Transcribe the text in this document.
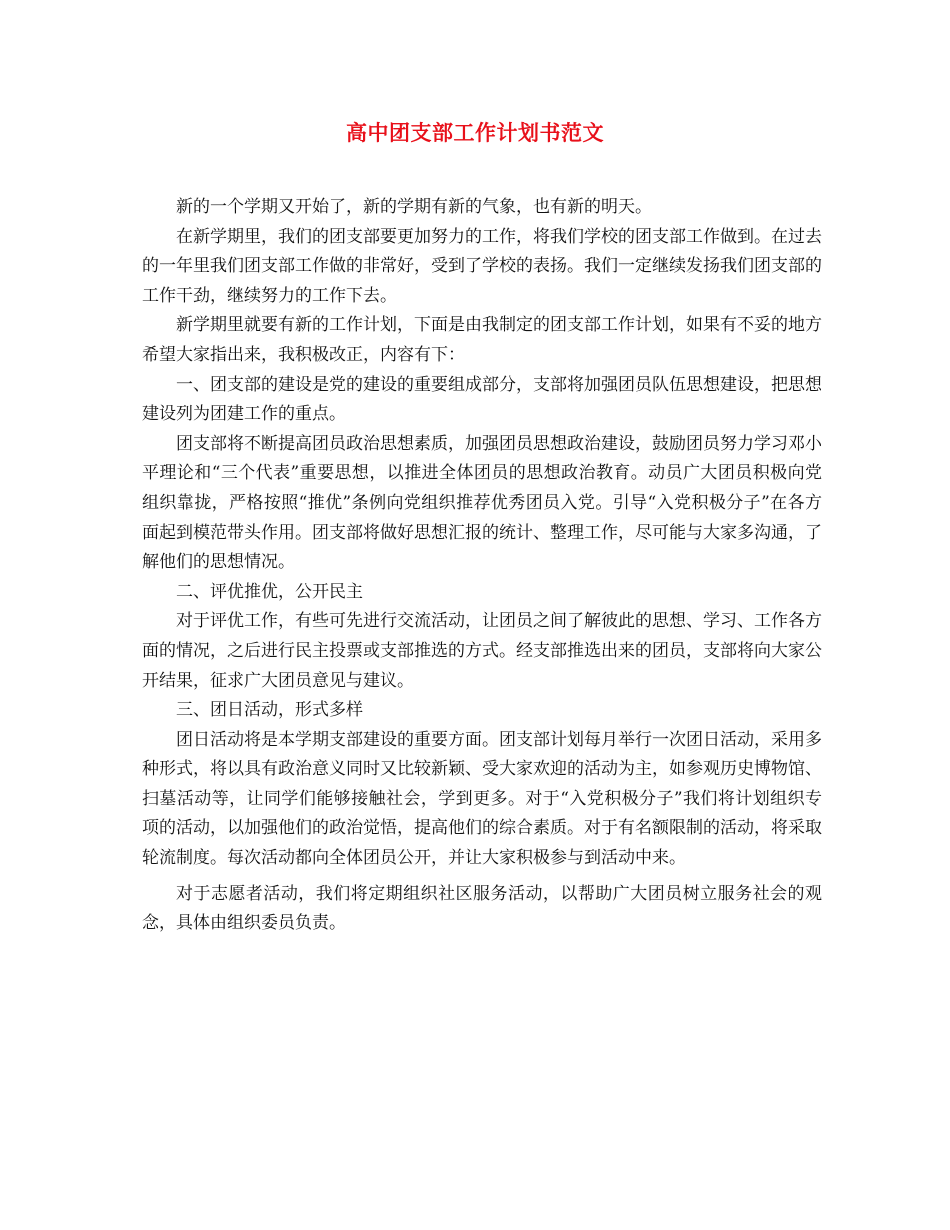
高中团支部工作计划书范文

新的一个学期又开始了，新的学期有新的气象，也有新的明天。

在新学期里，我们的团支部要更加努力的工作，将我们学校的团支部工作做到。在过去的一年里我们团支部工作做的非常好，受到了学校的表扬。我们一定继续发扬我们团支部的工作干劲，继续努力的工作下去。

新学期里就要有新的工作计划，下面是由我制定的团支部工作计划，如果有不妥的地方希望大家指出来，我积极改正，内容有下：

一、团支部的建设是党的建设的重要组成部分，支部将加强团员队伍思想建设，把思想建设列为团建工作的重点。

团支部将不断提高团员政治思想素质，加强团员思想政治建设，鼓励团员努力学习邓小平理论和“三个代表”重要思想，以推进全体团员的思想政治教育。动员广大团员积极向党组织靠拢，严格按照“推优”条例向党组织推荐优秀团员入党。引导“入党积极分子”在各方面起到模范带头作用。团支部将做好思想汇报的统计、整理工作，尽可能与大家多沟通，了解他们的思想情况。

二、评优推优，公开民主

对于评优工作，有些可先进行交流活动，让团员之间了解彼此的思想、学习、工作各方面的情况，之后进行民主投票或支部推选的方式。经支部推选出来的团员，支部将向大家公开结果，征求广大团员意见与建议。

三、团日活动，形式多样

团日活动将是本学期支部建设的重要方面。团支部计划每月举行一次团日活动，采用多种形式，将以具有政治意义同时又比较新颖、受大家欢迎的活动为主，如参观历史博物馆、扫墓活动等，让同学们能够接触社会，学到更多。对于“入党积极分子”我们将计划组织专项的活动，以加强他们的政治觉悟，提高他们的综合素质。对于有名额限制的活动，将采取轮流制度。每次活动都向全体团员公开，并让大家积极参与到活动中来。

对于志愿者活动，我们将定期组织社区服务活动，以帮助广大团员树立服务社会的观念，具体由组织委员负责。
